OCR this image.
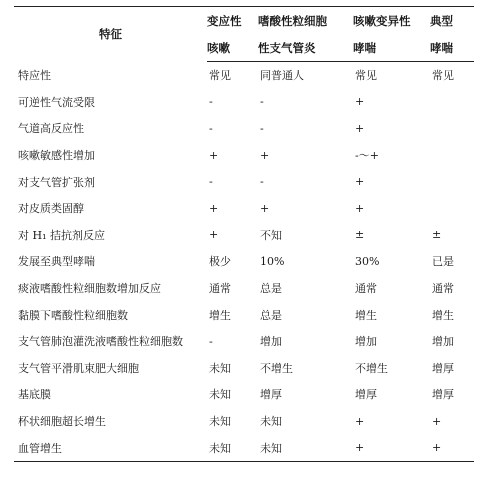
特征	变应性	嗜酸性粒细胞	咳嗽变异性	典型
	咳嗽	性支气管炎	哮喘	哮喘
特应性	常见	同普通人	常见	常见
可逆性气流受限	-	-	+	
气道高反应性	-	-	+	
咳嗽敏感性增加	+	+	-～+	
对支气管扩张剂	-	-	+	
对皮质类固醇	+	+	+	
对 H₁ 拮抗剂反应	+	不知	±	±
发展至典型哮喘	极少	10%	30%	已是
痰液嗜酸性粒细胞数增加反应	通常	总是	通常	通常
黏膜下嗜酸性粒细胞数	增生	总是	增生	增生
支气管肺泡灌洗液嗜酸性粒细胞数	-	增加	增加	增加
支气管平滑肌束肥大细胞	未知	不增生	不增生	增厚
基底膜	未知	增厚	增厚	增厚
杯状细胞超长增生	未知	未知	+	+
血管增生	未知	未知	+	+
